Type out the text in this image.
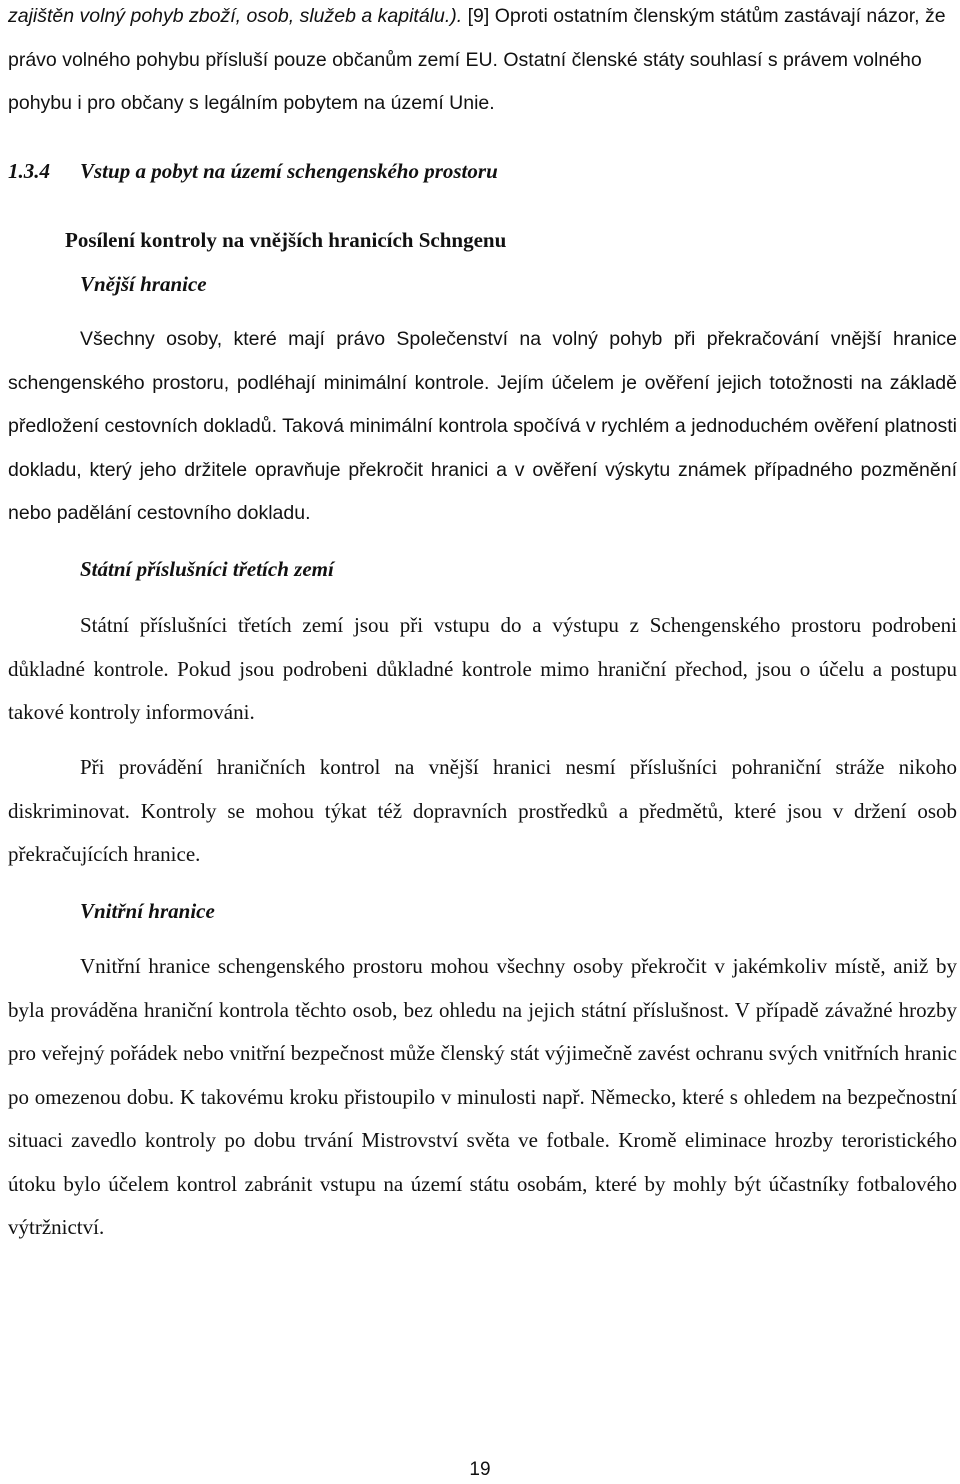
zajištěn volný pohyb zboží, osob, služeb a kapitálu.). [9] Oproti ostatním členským státům zastávají názor, že právo volného pohybu přísluší pouze občanům zemí EU. Ostatní členské státy souhlasí s právem volného pohybu i pro občany s legálním pobytem na území Unie.

1.3.4 Vstup a pobyt na území schengenského prostoru
Posílení kontroly na vnějších hranicích Schngenu
Vnější hranice

Všechny osoby, které mají právo Společenství na volný pohyb při překračování vnější hranice schengenského prostoru, podléhají minimální kontrole. Jejím účelem je ověření jejich totožnosti na základě předložení cestovních dokladů. Taková minimální kontrola spočívá v rychlém a jednoduchém ověření platnosti dokladu, který jeho držitele opravňuje překročit hranici a v ověření výskytu známek případného pozměnění nebo padělání cestovního dokladu.

Státní příslušníci třetích zemí

Státní příslušníci třetích zemí jsou při vstupu do a výstupu z Schengenského prostoru podrobeni důkladné kontrole. Pokud jsou podrobeni důkladné kontrole mimo hraniční přechod, jsou o účelu a postupu takové kontroly informováni.

Při provádění hraničních kontrol na vnější hranici nesmí příslušníci pohraniční stráže nikoho diskriminovat. Kontroly se mohou týkat též dopravních prostředků a předmětů, které jsou v držení osob překračujících hranice.

Vnitřní hranice

Vnitřní hranice schengenského prostoru mohou všechny osoby překročit v jakémkoliv místě, aniž by byla prováděna hraniční kontrola těchto osob, bez ohledu na jejich státní příslušnost. V případě závažné hrozby pro veřejný pořádek nebo vnitřní bezpečnost může členský stát výjimečně zavést ochranu svých vnitřních hranic po omezenou dobu. K takovému kroku přistoupilo v minulosti např. Německo, které s ohledem na bezpečnostní situaci zavedlo kontroly po dobu trvání Mistrovství světa ve fotbale. Kromě eliminace hrozby teroristického útoku bylo účelem kontrol zabránit vstupu na území státu osobám, které by mohly být účastníky fotbalového výtržnictví.

19
